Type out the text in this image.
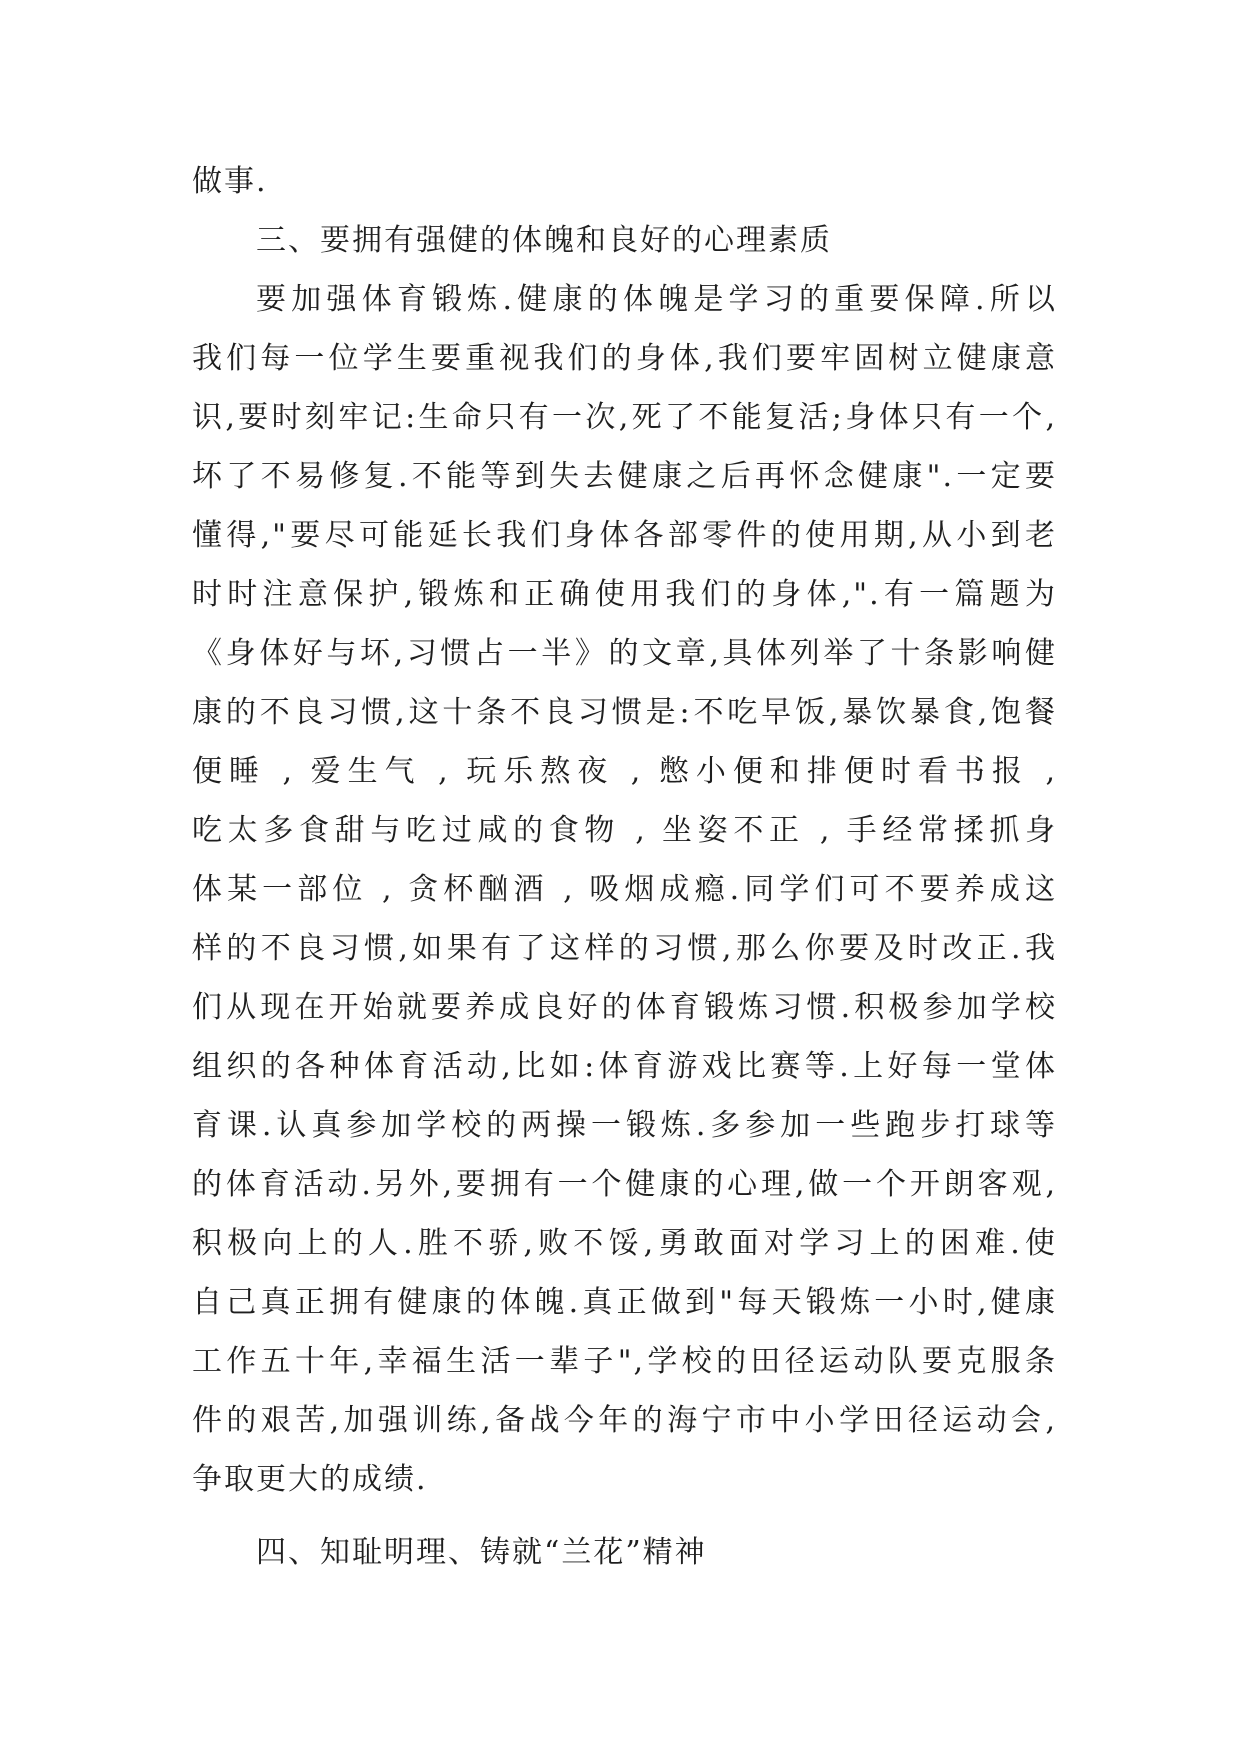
做事.
三、要拥有强健的体魄和良好的心理素质
要加强体育锻炼.健康的体魄是学习的重要保障.所以
我们每一位学生要重视我们的身体,我们要牢固树立健康意
识,要时刻牢记:生命只有一次,死了不能复活;身体只有一个,
坏了不易修复.不能等到失去健康之后再怀念健康".一定要
懂得,"要尽可能延长我们身体各部零件的使用期,从小到老
时时注意保护,锻炼和正确使用我们的身体,".有一篇题为
《身体好与坏,习惯占一半》的文章,具体列举了十条影响健
康的不良习惯,这十条不良习惯是:不吃早饭,暴饮暴食,饱餐
便睡 , 爱生气 , 玩乐熬夜 , 憋小便和排便时看书报 ,
吃太多食甜与吃过咸的食物 , 坐姿不正 , 手经常揉抓身
体某一部位 , 贪杯酗酒 , 吸烟成瘾.同学们可不要养成这
样的不良习惯,如果有了这样的习惯,那么你要及时改正.我
们从现在开始就要养成良好的体育锻炼习惯.积极参加学校
组织的各种体育活动,比如:体育游戏比赛等.上好每一堂体
育课.认真参加学校的两操一锻炼.多参加一些跑步打球等
的体育活动.另外,要拥有一个健康的心理,做一个开朗客观,
积极向上的人.胜不骄,败不馁,勇敢面对学习上的困难.使
自己真正拥有健康的体魄.真正做到"每天锻炼一小时,健康
工作五十年,幸福生活一辈子",学校的田径运动队要克服条
件的艰苦,加强训练,备战今年的海宁市中小学田径运动会,
争取更大的成绩.
四、知耻明理、铸就“兰花”精神
